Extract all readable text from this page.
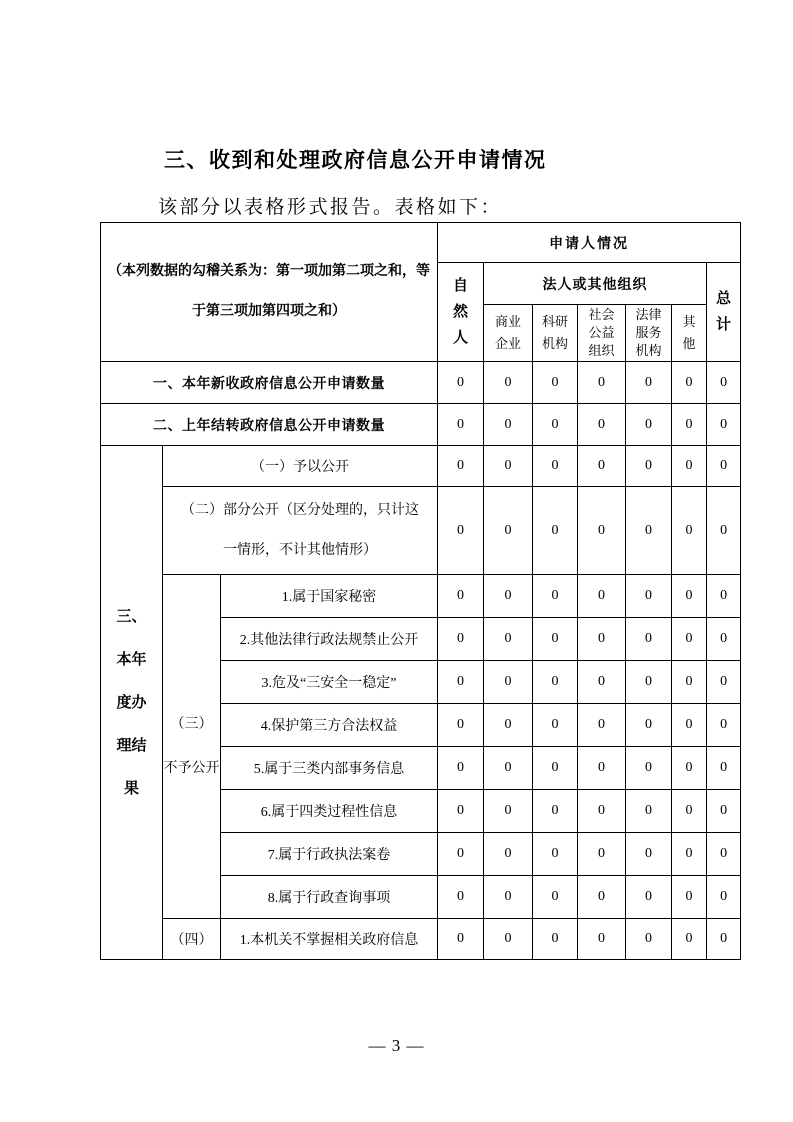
三、收到和处理政府信息公开申请情况

该部分以表格形式报告。表格如下：

（本列数据的勾稽关系为：第一项加第二项之和，等
于第三项加第四项之和）			申请人情况						

			自然人	法人或其他组织					总计

				商业企业	科研机构	社会公益组织	法律服务机构	其他	

一、本年新收政府信息公开申请数量			0	0	0	0	0	0	0
二、上年结转政府信息公开申请数量			0	0	0	0	0	0	0

三、本年度办理结果	（一）予以公开		0	0	0	0	0	0	0

	（二）部分公开（区分处理的，只计这
一情形，不计其他情形）		0	0	0	0	0	0	0

	（三）
不予公开	1.属于国家秘密	0	0	0	0	0	0	0
		2.其他法律行政法规禁止公开	0	0	0	0	0	0	0
		3.危及“三安全一稳定”	0	0	0	0	0	0	0
		4.保护第三方合法权益	0	0	0	0	0	0	0
		5.属于三类内部事务信息	0	0	0	0	0	0	0
		6.属于四类过程性信息	0	0	0	0	0	0	0
		7.属于行政执法案卷	0	0	0	0	0	0	0
		8.属于行政查询事项	0	0	0	0	0	0	0
	（四）	1.本机关不掌握相关政府信息	0	0	0	0	0	0	0
— 3 —
